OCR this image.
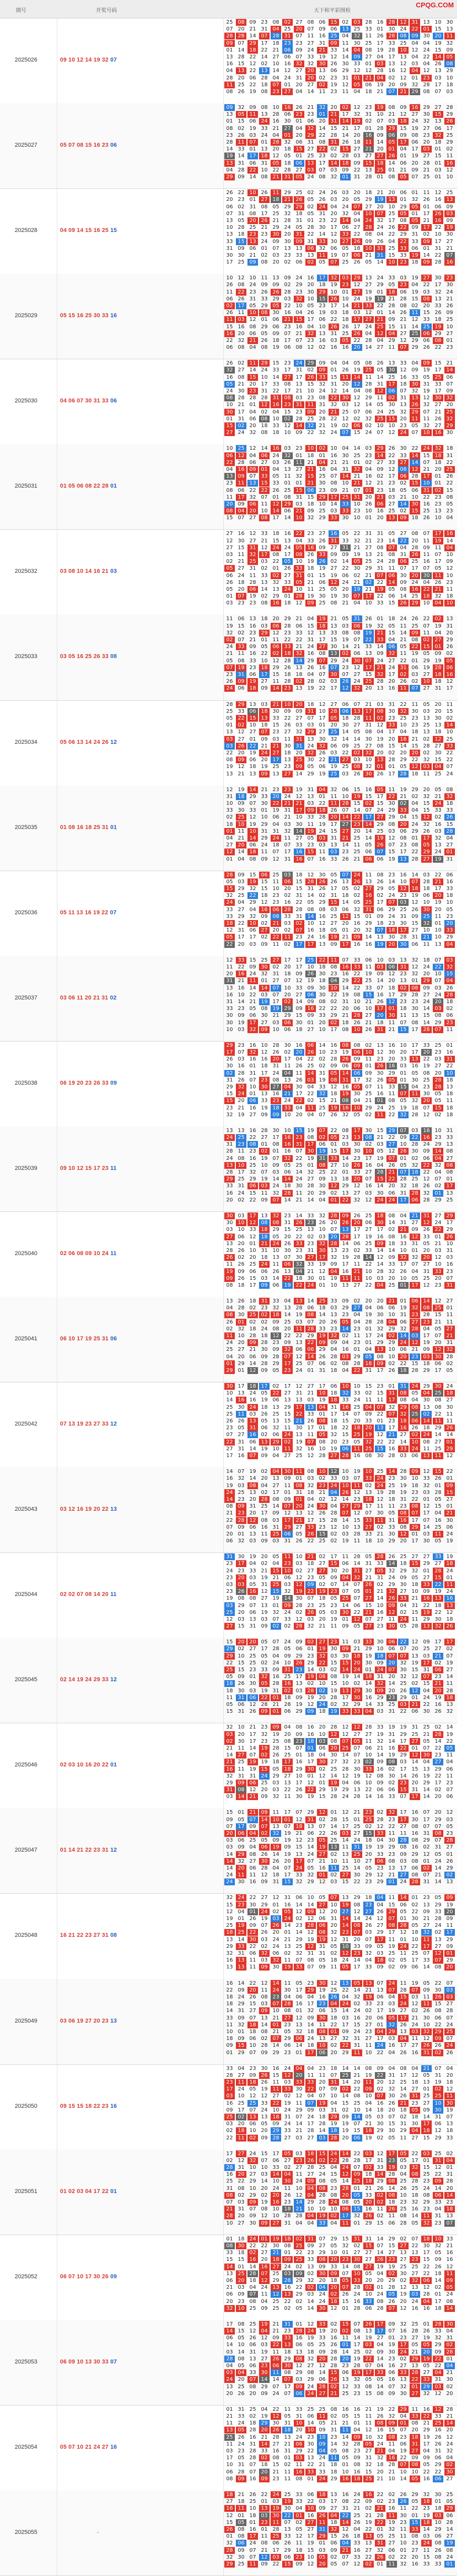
CPQG.COM
期号	开奖号码	天下和平彩图检
2025026	09 10 12 14 19 32 07
25 08 09 23 08 02 27 08 06 15 02 03 28 16 28 12 31 13 10 30
07 20 21 31 04 25 20 07 09 06 13 25 33 01 30 24 22 01 15 13
28 28 14 07 28 31 07 11 16 25 04 32 11 26 28 08 09 30 20 11
09 07 29 17 18 23 23 27 31 09 11 30 25 17 33 25 04 04 19 32
01 14 18 22 21 06 09 24 21 33 14 04 08 19 28 10 12 24 15 09
13 28 22 14 27 06 07 33 19 12 14 09 27 04 17 13 04 22 14 05
16 15 12 02 10 16 32 32 30 26 30 33 01 03 13 12 03 04 26 08
04 13 22 13 14 12 27 20 13 06 29 12 12 28 16 12 04 12 13 29
28 20 06 28 04 24 31 20 02 23 31 01 21 04 02 12 01 23 03 10
11 25 22 18 07 01 20 27 02 19 12 05 06 19 20 09 32 28 17 18
08 26 19 08 23 27 04 14 11 23 11 04 18 21 07 21 29 08 07 03
2025027	05 07 08 15 16 23 06
09 32 09 08 10 16 26 21 32 20 02 12 23 19 08 09 16 29 27 28
13 05 11 13 28 06 23 23 01 21 17 32 31 10 21 12 27 30 15 29
01 15 06 24 16 30 01 06 20 31 14 19 02 07 03 18 24 32 13 26
08 02 19 33 21 27 04 32 14 15 21 17 01 28 29 15 19 27 06 17
23 26 03 24 04 01 20 29 22 28 14 20 16 09 06 09 08 23 32 25
28 11 07 01 28 32 06 31 08 31 26 18 11 14 05 17 06 20 18 29
14 33 01 13 20 18 15 27 22 02 15 27 21 20 01 04 17 03 01 02
19 14 17 18 12 05 01 25 23 02 28 03 27 27 26 01 19 27 15 11
13 31 06 31 05 18 06 13 17 14 18 09 15 18 14 06 20 28 01 16
04 28 22 10 22 28 27 03 07 03 09 22 13 25 01 21 09 21 03 12
29 09 14 08 21 31 05 24 08 32 01 31 28 01 08 05 07 25 01 10
2025028	04 09 14 15 16 25 15
26 22 10 26 11 29 25 02 24 26 03 20 18 21 20 06 01 11 12 25
20 23 01 27 18 21 26 05 26 03 20 05 29 19 13 01 32 26 16 13
06 02 31 08 05 29 29 02 24 04 24 07 27 20 10 29 05 01 06 09
07 31 08 17 25 32 18 05 31 20 32 04 10 07 25 05 01 17 26 03
13 05 20 26 21 28 31 01 23 22 14 04 24 32 17 08 05 21 16 09
10 28 25 21 29 24 05 28 30 17 06 27 28 24 26 22 09 17 22 19
13 18 23 23 30 20 31 22 14 12 33 22 08 04 22 29 31 02 10 30
33 15 13 24 09 30 09 31 33 30 27 26 09 26 04 22 33 09 17 27
31 09 06 01 07 13 13 06 32 06 05 18 10 31 25 33 06 01 31 21
30 30 21 02 03 23 33 13 11 19 07 06 21 31 15 33 19 14 22 07
17 25 09 08 20 02 06 02 05 07 25 26 05 14 10 23 18 09 28 16
2025029	05 15 16 25 30 33 16
10 12 10 11 13 09 24 16 17 32 03 29 13 24 33 03 19 27 30 23
26 08 24 09 09 02 29 20 18 19 23 12 27 29 05 23 04 22 17 30
11 22 23 26 26 28 23 30 29 10 01 27 19 01 18 06 19 03 32 24
06 26 31 33 29 03 32 10 15 26 10 24 19 19 21 28 15 08 13 21
02 17 05 29 05 22 10 05 23 17 14 21 33 22 28 08 02 20 33 26
26 11 10 08 30 16 04 26 19 03 18 03 12 01 14 26 11 15 26 09
11 03 12 01 06 21 15 17 06 22 18 17 27 21 09 21 12 33 18 25
15 16 08 29 06 23 16 04 10 26 26 17 24 25 15 11 14 25 19 10
16 20 06 05 09 07 21 32 13 31 25 26 04 12 04 27 25 06 29 27
22 32 21 26 18 17 07 23 16 03 05 22 28 04 29 12 29 06 08 01
06 08 04 08 19 06 08 12 02 16 16 20 14 27 11 07 29 26 22 23
2025030	04 06 07 30 31 33 06
26 02 11 29 15 23 24 29 09 04 04 05 08 26 13 33 04 09 15 21
32 27 14 24 33 17 31 02 09 01 26 19 25 05 30 12 09 19 17 14
16 08 15 10 14 27 17 26 33 15 11 14 11 14 25 16 33 05 25 06
05 21 20 17 33 08 13 15 32 31 20 12 28 31 17 18 30 31 33 07
24 30 23 31 22 17 21 10 24 12 14 04 08 12 06 07 32 19 17 09
08 28 28 28 31 08 03 23 08 22 30 12 29 11 02 31 13 12 30 32
10 21 01 12 16 23 31 11 31 32 03 12 14 05 30 13 26 32 27 20
30 17 04 02 04 15 23 09 20 21 25 07 06 24 25 32 29 07 21 25
01 31 06 08 10 02 28 25 28 22 12 02 32 25 15 20 11 11 26 32
15 02 20 18 33 12 14 32 21 19 02 06 02 10 10 23 05 32 27 29
27 24 32 08 18 10 09 22 32 24 07 15 24 07 12 24 07 10 16 30
2025031	01 05 06 08 22 28 01
10 25 12 14 16 03 23 10 02 10 04 14 03 29 26 30 22 24 32 18
06 12 04 06 24 32 01 18 01 16 30 25 23 14 22 33 14 15 18 31
22 28 06 27 03 26 11 21 04 21 21 01 02 27 33 27 14 07 18 22
04 16 09 01 04 13 27 21 16 04 31 32 04 09 12 08 12 21 20 25
13 09 07 33 05 11 32 15 25 07 14 21 16 02 17 06 28 17 01 26
23 11 13 15 33 01 01 21 30 08 10 21 12 21 23 02 15 10 01 22
08 06 22 22 26 25 15 06 23 09 21 07 01 23 18 05 06 31 02 15
11 17 32 07 01 08 31 15 29 17 25 31 20 23 03 21 10 22 23 08
20 09 06 11 12 29 03 18 10 14 33 10 26 06 27 14 30 16 23 05
08 04 20 10 14 06 21 09 25 03 33 23 10 16 25 02 15 25 13 23
15 07 27 08 17 14 10 32 29 33 30 10 01 20 13 09 18 26 10 04
2025032	03 08 10 14 16 21 03
27 16 12 33 18 16 22 23 27 16 05 22 31 31 05 27 08 07 17 16
12 30 27 21 15 13 04 33 26 31 33 32 21 23 14 22 20 11 19 14
27 15 31 12 24 24 05 16 09 27 31 21 27 08 07 04 28 09 11 04
03 11 32 17 08 17 08 26 33 09 09 19 13 21 08 31 26 11 07 10
02 21 25 03 22 05 10 19 26 02 14 05 25 24 28 06 25 16 17 09
05 27 31 02 01 26 33 18 19 27 22 30 29 31 11 07 17 07 05 12
06 24 11 33 02 27 31 01 15 19 06 02 21 07 06 30 20 30 11 10
26 18 28 13 32 33 05 21 06 12 24 21 02 22 14 09 24 04 26 23
05 20 06 14 13 24 10 11 25 05 20 19 21 19 05 08 16 22 21 11
01 07 19 02 29 01 28 19 30 19 30 07 17 22 06 14 25 18 32 18
03 23 23 08 16 18 12 09 25 08 21 04 10 33 15 26 29 10 04 10
2025033	03 05 16 25 26 33 08
11 06 13 18 20 29 21 04 19 21 05 31 26 01 18 24 26 22 02 13
19 15 16 03 06 28 06 15 18 13 03 06 19 32 05 11 25 07 19 31
32 02 23 29 12 23 33 12 13 33 08 08 19 21 15 14 09 11 04 20
02 07 21 01 11 22 22 31 17 15 19 07 22 33 04 21 08 02 27 29
24 33 09 05 06 33 21 24 27 30 14 21 33 14 06 05 22 15 01 26
21 11 16 22 02 18 32 16 08 13 02 06 13 09 32 11 19 05 09 02
05 08 33 10 12 28 14 29 07 29 24 30 07 24 27 22 01 29 19 05
07 19 23 18 29 26 13 26 16 07 23 12 17 21 24 31 06 19 28 06
23 31 06 17 15 18 18 04 07 30 07 27 15 32 17 02 03 27 18 16
26 09 19 27 11 28 02 28 02 03 28 24 25 28 20 26 02 10 18 12
24 06 18 09 14 23 13 19 22 17 12 32 20 13 16 11 07 27 31 17
2025034	05 06 13 14 24 26 12
28 29 13 03 21 10 20 18 12 27 06 07 21 03 31 22 11 05 20 11
25 33 06 18 30 09 09 31 10 28 06 13 17 08 30 32 30 03 20 15
05 22 15 13 33 22 27 07 17 05 18 28 11 02 23 25 23 13 30 02
01 02 10 18 15 26 03 03 01 20 30 27 31 12 33 10 23 25 13 14
13 12 27 07 23 27 32 29 27 25 14 05 08 04 17 04 18 13 18 10
03 27 01 09 03 11 31 13 30 32 14 14 30 19 20 16 21 02 12 25
03 26 22 21 21 30 31 24 32 06 09 25 27 08 15 14 15 28 27 33
22 20 19 24 27 18 20 32 26 03 22 02 32 20 02 20 20 02 30 22
08 09 06 20 17 13 25 30 22 21 27 03 10 13 28 29 22 32 15 22
19 12 18 19 25 23 09 05 06 19 25 08 32 01 01 05 12 03 04 07
13 21 13 09 13 27 14 29 19 25 03 26 30 26 17 28 18 11 25 24
2025035	01 08 16 18 25 31 01
12 19 14 21 23 23 19 31 04 32 06 15 16 05 11 19 29 20 05 08
31 18 29 33 20 24 12 13 01 11 10 19 15 17 22 21 02 32 21 32
10 09 07 30 22 21 21 03 22 11 28 15 02 15 30 02 04 15 24 18
33 30 33 01 19 31 17 09 18 26 07 14 07 24 29 33 04 15 33 33
02 25 12 10 06 21 10 33 28 20 14 22 17 27 29 04 15 12 02 26
18 10 19 29 04 03 30 11 19 17 27 23 14 29 08 20 24 32 16 15
01 11 10 31 31 32 14 19 24 15 27 20 14 25 03 06 29 26 03 28
04 21 14 29 24 11 27 05 03 31 21 25 14 19 12 08 01 17 32 04
27 20 06 24 18 07 33 23 03 13 14 11 05 26 07 23 08 05 13 27
12 14 18 11 07 17 16 15 11 03 23 25 06 07 15 17 22 29 24 01
01 04 08 09 12 31 16 07 16 33 26 21 06 06 19 13 28 27 19 31
2025036	05 11 13 16 19 22 07
28 09 15 06 25 03 18 12 30 05 07 24 11 08 23 16 14 03 22 06
05 03 19 15 11 06 15 28 26 26 13 26 13 26 14 10 07 28 21 16
15 29 32 15 10 20 15 31 26 17 05 02 27 29 05 12 18 18 17 33
32 25 22 18 23 02 31 14 02 31 18 02 16 02 24 23 19 06 20 18
24 04 29 12 23 16 22 05 29 15 14 05 25 17 07 03 12 10 19 10
33 27 04 16 06 28 28 08 08 03 06 32 31 06 29 25 26 30 20 05
33 29 32 09 08 33 31 14 16 25 12 15 01 09 24 31 09 25 11 23
18 22 10 02 21 03 02 10 12 27 20 16 29 18 23 30 15 32 01 20
12 31 06 27 20 02 07 16 18 05 01 20 32 07 18 17 27 10 10 33
05 17 17 02 22 11 23 24 16 19 21 09 14 13 30 28 31 21 10 29
22 20 03 09 11 02 17 17 13 09 17 16 16 19 20 30 06 11 13 04
2025037	03 06 11 20 21 31 02
12 33 15 25 27 17 17 25 22 11 07 33 06 10 03 13 32 18 07 03
11 22 09 30 02 20 17 10 18 08 16 33 11 03 06 31 12 24 22 32
20 16 24 32 31 18 09 26 30 23 16 22 19 09 12 23 32 20 10 15
31 21 11 01 27 07 12 19 18 04 29 22 25 14 20 13 01 29 07 04
13 16 14 14 07 10 33 09 30 10 14 22 33 07 18 02 08 09 03 26
16 10 22 03 07 20 27 06 30 22 19 08 15 16 17 29 28 27 24 28
31 14 21 19 17 02 14 09 08 02 31 10 21 26 12 23 23 24 20 18
33 23 05 08 19 29 09 16 22 22 20 06 10 17 01 18 30 14 03 02
30 09 06 30 21 29 15 09 33 29 21 28 27 20 30 11 13 15 08 06
30 19 17 27 03 06 30 01 20 02 18 26 21 18 11 07 08 14 29 23
10 03 32 09 10 06 18 27 10 17 08 10 26 31 21 15 17 28 07 11
2025038	06 19 20 23 26 33 09
29 23 16 10 28 30 16 06 14 16 08 08 02 13 16 10 17 33 25 01
17 07 32 12 26 02 20 26 10 23 19 06 10 12 30 20 17 20 23 16
26 03 16 16 20 17 04 22 02 28 26 09 11 23 20 33 13 22 03 31
30 16 01 18 31 11 26 25 02 09 06 09 01 26 16 03 16 19 27 22
02 28 31 17 24 04 11 14 31 05 14 06 09 30 29 01 05 08 20 10
31 26 07 23 08 13 26 03 19 08 31 17 32 26 05 01 30 25 28 18
29 32 10 30 27 04 30 04 33 12 16 05 07 11 33 15 04 23 28 13
15 24 01 13 16 21 17 22 32 18 19 30 25 16 11 07 11 30 05 18
15 20 06 33 23 24 22 02 15 21 08 04 21 01 08 05 32 20 05 11
23 21 16 19 18 33 04 11 25 19 16 10 29 24 25 19 18 07 15 18
32 19 27 09 09 10 20 04 07 26 32 05 02 11 22 32 28 12 02 18
2025039	09 10 12 15 17 23 11
13 13 16 28 30 10 15 19 07 22 08 17 30 15 29 07 03 16 10 31
24 25 22 27 17 16 23 08 02 05 23 13 08 21 22 09 22 16 23 33
31 23 08 01 08 16 31 17 06 01 03 30 02 03 27 10 28 24 29 13
28 11 23 02 01 16 07 30 19 15 17 30 10 05 12 26 30 09 14 08
24 08 16 19 07 32 22 19 31 33 14 23 17 19 07 01 02 06 04 27
13 10 25 10 09 05 25 01 08 27 10 26 16 04 26 05 32 22 32 08
28 17 32 07 03 06 14 32 25 22 01 33 27 28 21 07 18 22 04 08
29 25 29 19 14 14 24 27 09 13 18 20 07 15 22 28 25 12 07 01
33 31 06 03 24 18 30 28 30 12 29 12 16 14 20 32 18 26 02 17
16 24 15 11 32 28 11 20 29 02 13 27 03 30 06 31 28 32 01 13
20 02 22 09 07 14 21 14 04 01 22 32 12 24 24 17 06 28 29 25
2025040	02 06 08 09 10 24 11
30 03 17 13 32 23 14 33 32 28 09 26 25 18 08 04 21 31 27 29
30 10 12 08 08 31 26 23 26 20 26 20 06 30 14 31 27 12 24 17
03 10 33 18 29 15 25 13 10 07 13 17 27 17 02 21 09 26 22 29
27 06 12 18 05 20 22 02 03 20 28 17 19 16 08 16 12 33 01 26
13 20 01 21 24 26 33 23 32 28 14 06 25 09 18 33 31 05 21 10
28 26 10 31 10 30 23 31 30 13 23 02 33 14 14 10 01 20 03 31
26 02 20 18 13 07 30 27 17 32 19 28 14 12 09 32 32 20 12 03
11 26 25 24 11 06 32 33 19 09 17 11 22 14 33 17 07 27 10 16
19 09 06 06 26 13 04 21 12 04 16 21 10 28 32 26 04 31 33 23
09 26 15 03 14 22 18 30 01 19 11 11 10 03 20 10 05 25 20 07
08 18 17 09 06 19 22 24 01 10 13 27 22 04 25 01 17 12 23 31
2025041	06 10 17 19 25 31 06
13 26 18 31 33 04 13 14 25 33 09 02 20 20 21 01 06 14 12 27
04 28 02 23 32 13 28 06 18 03 29 27 04 06 06 19 32 08 25 01
08 30 25 02 18 14 19 08 14 13 23 04 19 30 10 31 23 28 15 11
26 01 02 02 09 25 03 07 20 26 05 04 28 28 04 06 27 23 21 11
02 32 18 24 08 20 11 28 33 23 14 23 01 32 29 32 28 04 05 27
11 10 28 18 12 22 22 29 19 32 02 11 17 24 02 14 03 17 07 21
24 20 09 28 23 09 13 22 09 09 04 23 01 29 29 24 12 19 20 31
25 27 21 30 09 32 06 06 29 04 16 01 04 13 10 06 21 09 12 32
04 20 06 09 28 07 12 14 26 28 03 29 05 08 10 20 23 03 30 28
01 29 14 28 29 17 25 07 06 02 08 28 18 09 02 22 15 18 06 02
29 01 12 09 05 23 24 01 31 18 04 22 31 17 26 18 28 29 17 05
2025042	07 13 19 23 27 33 12
30 17 18 17 02 17 12 27 17 06 10 10 15 23 01 31 24 29 30 24
10 13 24 05 22 27 31 21 10 18 32 33 02 15 31 08 05 04 25 18
14 16 16 19 06 13 13 03 19 18 33 24 11 11 17 08 04 30 08 27
25 30 24 18 13 29 17 13 04 31 16 25 04 07 32 29 08 13 08 30
25 11 03 26 25 15 22 33 01 17 14 07 09 22 07 32 25 02 22 11
26 26 13 05 13 15 21 26 08 18 15 20 33 01 23 18 06 14 11 11
23 05 31 06 32 11 30 17 01 18 22 18 20 13 17 16 26 18 29 26
07 27 16 02 06 24 13 11 05 32 15 25 19 12 21 27 02 24 14 14
22 31 06 13 29 02 19 07 08 20 23 05 32 22 22 14 10 08 27 01
27 31 14 19 10 11 32 16 10 19 06 11 25 15 16 33 24 11 25 29
17 16 07 09 04 27 25 12 28 27 28 16 08 30 28 03 06 13 11 12
2025043	03 12 16 19 20 22 13
14 07 19 02 04 30 11 08 10 12 10 19 10 25 14 28 09 12 15 22
16 32 14 20 13 09 01 03 02 33 03 07 33 24 23 30 10 33 26 01
19 03 08 04 27 11 08 32 23 24 10 11 02 24 25 19 18 32 01 09
24 25 13 02 17 01 31 18 21 04 26 12 13 19 28 19 23 03 28 15
14 23 20 28 08 09 01 04 02 12 14 23 18 12 18 31 22 01 05 27
08 09 31 25 14 07 20 24 30 04 27 29 17 11 11 23 08 12 15 01
21 23 20 17 09 12 13 12 26 28 07 12 07 30 05 08 07 17 04 21
22 28 12 08 03 17 21 17 15 28 14 15 33 11 31 16 17 07 16 30
07 09 06 16 31 29 27 33 23 12 10 13 27 02 33 08 29 14 25 06
20 01 13 11 25 06 05 26 15 02 03 28 33 21 30 12 01 03 11 24
06 32 03 09 03 31 26 22 25 02 19 11 18 10 29 20 17 30 05 19
2025044	02 02 07 08 14 20 11
31 30 19 20 05 11 10 21 02 17 11 28 05 28 26 25 27 27 33 19
23 17 04 02 04 23 03 18 27 15 06 14 31 33 14 18 15 29 27 18
24 23 33 21 15 10 02 27 27 30 20 31 27 05 32 29 32 01 28 24
23 20 03 19 21 06 12 23 05 09 04 32 21 31 24 09 05 27 15 01
03 03 05 31 25 03 12 09 02 07 14 07 26 02 29 30 18 33 22 11
23 26 16 12 15 32 19 22 19 23 07 05 01 21 32 27 10 09 19 24
19 08 08 27 19 14 30 07 18 05 25 07 27 14 26 33 21 16 13 16
03 29 07 13 01 09 28 23 25 23 14 06 15 10 09 04 31 22 18 13
25 20 06 19 32 24 02 26 05 03 30 22 21 16 12 02 15 19 22 12
12 03 13 03 07 33 12 03 20 19 01 12 07 27 11 24 11 29 30 18
27 15 31 09 02 02 28 32 21 11 09 05 27 23 30 05 28 13 32 26
2025045	02 14 19 24 29 33 12
15 20 20 05 07 24 09 02 27 23 11 03 33 30 06 22 12 09 17 17
29 02 27 17 28 05 06 01 19 30 09 21 29 10 06 07 20 25 27 02
29 10 25 05 04 09 29 23 32 03 30 18 19 18 07 07 13 03 21 07
22 15 25 02 24 10 26 29 22 15 15 20 30 09 20 32 19 17 02 19
25 15 23 33 09 31 23 14 03 02 14 24 01 24 07 30 15 31 06 27
05 09 01 32 16 25 17 19 08 08 19 14 18 31 20 32 12 07 23 14
18 26 30 05 28 16 13 02 10 15 10 02 14 32 14 25 02 15 21 11
18 30 03 19 31 02 03 28 02 19 13 29 30 09 20 26 12 04 20 28
11 31 06 22 01 18 09 19 20 28 17 30 16 29 23 29 01 24 19 18
05 06 12 28 21 28 19 12 24 02 32 29 14 33 25 03 21 22 16 13
15 31 26 09 01 06 29 09 18 19 33 33 04 03 31 22 06 30 26 32
2025046	02 03 10 16 20 22 01
32 10 21 23 09 04 08 16 20 28 12 12 28 33 19 19 31 25 02 14
03 20 17 32 19 20 09 16 10 12 12 27 27 19 31 29 25 21 28 19
02 30 17 23 25 08 23 18 03 08 07 05 11 32 14 17 27 05 14 22
21 11 14 19 28 15 07 01 06 20 25 07 06 21 16 22 01 07 22 05
14 27 07 02 26 25 01 18 04 30 14 07 10 14 19 29 12 30 23 11
21 25 19 19 18 17 16 17 30 27 32 23 02 09 08 03 14 04 27 04
16 11 19 15 05 18 29 30 02 25 28 30 33 16 02 17 15 13 29 06
32 31 31 24 29 27 10 01 12 14 12 19 12 08 30 14 26 19 22 11
29 09 06 25 03 13 17 12 01 19 04 06 10 09 02 23 20 29 17 23
31 08 12 20 03 22 26 22 29 19 29 13 22 06 06 15 31 14 02 07
03 14 21 09 32 11 30 19 15 28 24 28 14 16 33 07 17 14 20 06
2025047	01 14 21 22 23 31 12
15 01 21 09 11 17 07 29 12 01 12 21 23 02 32 17 16 07 20 12
09 05 07 14 10 01 12 31 02 28 15 01 25 28 23 17 30 17 29 03
07 17 09 07 13 07 18 13 07 14 17 25 02 12 22 27 08 07 07 05
20 06 04 02 32 19 21 06 22 26 03 27 15 33 11 11 16 31 08 23
03 06 25 05 09 19 12 23 05 25 14 24 18 04 30 28 08 29 07 28
03 09 04 06 19 09 15 14 19 13 11 31 19 19 29 08 16 02 31 27
14 29 08 26 14 19 13 24 27 02 13 25 20 33 23 09 29 12 05 01
14 32 27 30 26 20 17 07 21 10 11 10 27 06 08 03 08 01 24 26
14 20 06 28 04 07 24 05 16 11 25 14 05 23 13 17 06 02 14 29
24 11 11 12 18 17 33 32 01 02 27 30 29 12 21 27 08 07 21 02
24 30 16 09 31 15 32 29 12 03 15 22 23 29 01 24 28 31 14 13
2025048	16 21 22 23 27 31 08
32 24 22 27 12 31 06 10 05 07 13 29 18 04 11 14 01 23 05 09
15 23 30 29 01 16 14 14 27 10 19 08 23 04 15 06 02 13 29 19
12 04 01 24 02 05 12 09 12 20 27 12 27 26 29 05 22 09 33 20
19 01 26 19 03 24 02 12 06 31 14 14 24 12 07 01 30 21 28 09
25 19 09 07 26 14 23 28 06 20 14 08 26 27 08 28 05 27 24 11
18 25 22 26 20 01 14 12 08 32 23 07 03 29 17 12 18 32 02 17
13 14 30 03 24 21 29 19 19 12 31 20 07 17 11 01 10 11 13 29
29 33 22 02 24 13 25 12 31 05 10 33 09 05 19 24 22 17 27 09
32 31 06 32 06 02 32 31 31 02 12 23 32 03 25 11 25 07 12 01
16 13 11 03 32 11 07 08 05 18 24 14 04 18 02 05 17 33 07 29
13 13 11 09 30 19 33 07 09 11 05 17 33 09 02 09 06 14 08 20
2025049	03 06 19 27 20 23 13
16 14 22 12 14 11 05 23 30 12 13 05 13 07 24 11 19 05 22 07
22 09 20 11 24 30 17 29 19 25 22 14 21 13 07 28 07 09 30 03
18 24 26 08 23 04 06 04 16 26 04 32 19 06 04 15 03 11 26 03
18 29 15 03 07 28 16 17 23 04 24 02 33 23 03 24 12 11 15 27
14 31 27 09 10 08 01 32 06 15 14 24 02 17 19 27 02 26 08 28
33 09 07 13 21 27 12 09 30 18 03 16 20 06 05 17 21 30 06 07
11 32 18 14 01 23 13 14 11 22 17 15 27 01 32 26 24 10 22 24
10 01 18 08 21 05 32 18 08 01 09 24 23 04 29 13 03 32 29 25
18 09 06 02 07 29 06 24 13 27 32 31 27 17 03 04 11 12 09 07
09 15 10 28 14 06 14 18 10 02 22 31 11 24 16 17 27 26 26 24
01 29 07 09 29 23 01 17 06 20 29 11 10 22 04 26 16 31 02 26
2025050	09 15 15 18 22 23 16
33 04 23 30 16 24 04 04 23 18 14 14 08 09 04 08 04 21 07 04
28 27 09 26 15 12 20 11 11 07 25 21 19 22 31 17 12 05 31 20
23 11 18 26 11 03 33 33 20 31 14 20 11 20 12 25 18 13 19 18
17 24 05 19 11 33 30 22 07 09 02 22 09 02 32 14 27 01 02 12
03 10 12 12 27 02 12 04 07 10 14 08 10 07 30 26 31 25 25 11
16 25 25 33 22 19 11 07 19 04 15 25 04 16 26 21 23 27 10 30
09 17 07 24 10 24 29 09 03 31 02 10 14 18 20 18 05 09 30 19
25 02 13 13 18 31 07 24 18 29 09 14 05 03 07 02 18 14 31 07
03 20 06 05 09 24 14 17 28 19 19 07 21 30 15 31 30 17 06 13
02 18 10 20 29 33 21 28 14 18 19 15 18 29 30 29 04 18 12 18
22 11 02 09 28 27 03 27 03 28 20 06 19 02 05 11 27 15 29 33
2025051	01 02 03 04 17 22 01
17 27 24 15 17 05 03 18 15 24 14 22 03 12 17 05 22 03 25 02
02 12 32 07 06 27 23 26 02 22 28 28 17 31 23 05 17 01 31 04
28 31 10 10 33 02 27 28 25 04 24 07 02 33 19 03 32 15 12 01
16 20 27 03 14 04 11 27 24 15 12 09 18 14 28 04 08 25 22 31
25 22 29 14 10 30 24 09 08 05 14 25 18 29 08 25 28 23 09 28
31 08 10 20 24 11 10 04 08 23 28 01 21 26 14 26 25 24 14 20
08 02 29 02 20 26 12 04 28 08 20 05 33 02 08 10 18 08 06 14
07 03 09 19 16 23 14 29 28 24 08 05 20 02 18 23 32 29 33 23
21 31 07 08 10 18 21 10 10 10 06 15 16 11 26 25 16 23 04 18
28 20 09 12 10 28 28 04 19 02 17 32 26 02 11 08 14 11 31 13
10 27 30 09 27 31 04 04 33 04 11 01 29 15 06 28 05 32 23 07
2025052	06 07 10 17 30 26 09
01 18 24 01 19 18 02 31 07 29 15 31 31 14 29 02 07 18 10 33
08 30 22 22 30 08 25 09 27 05 32 02 15 07 15 27 22 30 32 21
33 18 02 27 21 01 22 23 29 10 01 27 27 14 27 13 13 17 05 16
15 15 16 20 18 09 25 33 08 20 23 30 27 26 23 27 23 15 09 16
14 01 14 16 27 24 02 13 09 33 14 08 27 19 19 25 25 22 26 12
13 25 28 07 25 03 09 02 30 09 07 10 05 04 02 30 27 22 18 11
06 20 18 12 29 28 29 32 20 18 05 33 20 20 29 02 32 06 14 09
21 03 04 24 13 16 22 02 04 20 07 28 02 01 28 12 13 12 02 05
06 09 07 11 12 13 29 03 24 02 26 24 10 24 05 19 03 28 01 24
20 23 08 04 25 22 02 14 24 18 15 16 33 08 26 20 24 04 17 08
32 10 25 09 25 02 05 14 30 12 01 28 06 28 07 12 16 16 18 14
2025053	06 09 10 13 30 33 07
17 08 25 19 21 31 01 12 33 02 15 07 26 17 09 32 25 01 28 30
14 15 12 04 21 23 28 24 19 20 02 08 13 17 07 16 28 26 33 04
06 05 26 12 09 33 16 19 33 16 11 14 19 27 01 23 27 19 32 31
14 10 06 03 22 13 06 05 25 26 01 17 03 04 19 17 05 05 29 02
03 14 31 19 11 18 13 18 09 28 14 25 02 09 30 24 21 20 09 28
28 08 13 27 26 29 08 32 20 28 20 19 22 14 23 02 29 19 22 01
04 05 06 23 06 30 12 27 12 28 23 28 07 04 16 27 13 05 22 04
03 04 33 30 11 08 29 08 14 15 06 19 17 33 06 33 28 27 04 21
24 20 07 14 14 07 03 29 06 26 13 32 05 05 16 13 22 33 31 30
13 25 08 29 07 17 09 24 28 02 12 33 08 14 07 32 01 29 03 02
20 26 20 09 24 07 06 24 27 21 25 23 15 08 09 30 27 32 12 20
2025054	05 07 10 21 24 27 16
01 31 25 04 22 11 33 25 25 08 16 16 21 19 22 29 11 16 12 28
21 33 02 19 12 05 31 06 11 02 05 15 11 26 32 04 33 22 33 21
11 24 18 29 30 31 10 14 05 21 21 01 11 08 09 01 08 21 25 14
13 05 28 20 26 18 20 10 09 31 11 04 12 16 15 07 20 29 16 20
25 26 16 21 28 13 24 23 10 23 14 09 10 32 08 23 18 19 26 12
11 24 31 14 27 21 06 30 09 14 32 28 05 24 11 06 31 17 26 24
03 23 28 33 16 31 29 22 04 05 08 23 27 21 04 19 27 04 31 32
17 05 28 02 08 01 03 13 24 11 05 09 31 32 16 22 09 09 06 04
10 31 07 18 15 02 11 22 21 18 01 08 32 18 28 07 08 05 29 02
06 28 07 20 21 11 16 33 33 18 10 16 15 20 21 10 10 22 22 30
08 09 16 09 23 11 08 01 24 29 16 18 25 21 10 14 05 16 06 27
2025055	-
18 21 26 22 24 25 33 06 18 13 16 24 16 22 02 26 29 32 30 25
27 18 25 01 03 19 33 22 03 17 08 22 09 02 23 26 05 18 01 05
16 11 10 13 19 30 04 10 09 27 31 21 02 21 16 11 22 23 18 29
12 01 18 03 30 22 01 16 26 04 22 25 21 28 11 30 01 19 03 06
15 05 01 23 11 07 02 27 11 18 14 26 19 22 19 23 15 18 10 28
26 08 16 01 28 13 05 27 31 32 12 04 22 01 32 11 33 14 29 14
01 08 17 11 25 33 12 17 29 15 26 18 13 05 25 11 08 03 06 27
32 06 24 08 06 26 11 19 01 06 04 33 13 31 27 10 23 24 08 19
28 09 07 21 17 29 18 15 03 09 21 16 27 32 06 01 27 11 26 08
32 30 07 12 03 06 23 10 05 02 07 33 22 26 02 22 20 15 08 24
29 25 11 09 22 15 09 12 20 05 07 12 02 01 11 32 16 33 33 01
